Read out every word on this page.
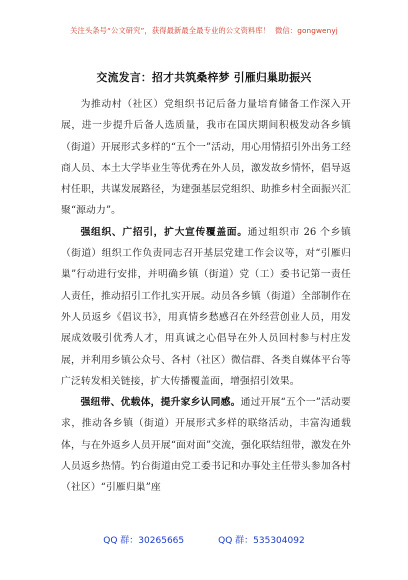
关注头条号“公文研究”，获得最新最全最专业的公文资料库！ 微信：gongwenyj
交流发言：招才共筑桑梓梦 引雁归巢助振兴

为推动村（社区）党组织书记后备力量培育储备工作深入开展，进一步提升后备人选质量，我市在国庆期间积极发动各乡镇（街道）开展形式多样的“五个一”活动，用心用情招引外出务工经商人员、本土大学毕业生等优秀在外人员，激发故乡情怀，倡导返村任职，共谋发展路径，为建强基层党组织、助推乡村全面振兴汇聚“源动力”。

强组织、广招引，扩大宣传覆盖面。通过组织市 26 个乡镇（街道）组织工作负责同志召开基层党建工作会议等，对“引雁归巢”行动进行安排，并明确乡镇（街道）党（工）委书记第一责任人责任，推动招引工作扎实开展。动员各乡镇（街道）全部制作在外人员返乡《倡议书》，用真情乡愁感召在外经营创业人员，用发展成效吸引优秀人才，用真诚之心倡导在外人员回村参与村庄发展，并利用乡镇公众号、各村（社区）微信群、各类自媒体平台等广泛转发相关链接，扩大传播覆盖面，增强招引效果。

强纽带、优载体，提升家乡认同感。通过开展“五个一”活动要求，推动各乡镇（街道）开展形式多样的联络活动，丰富沟通载体，与在外返乡人员开展“面对面”交流，强化联结纽带，激发在外人员返乡热情。钓台街道由党工委书记和办事处主任带头参加各村（社区）“引雁归巢”座

QQ 群：30265665	QQ 群：535304092
